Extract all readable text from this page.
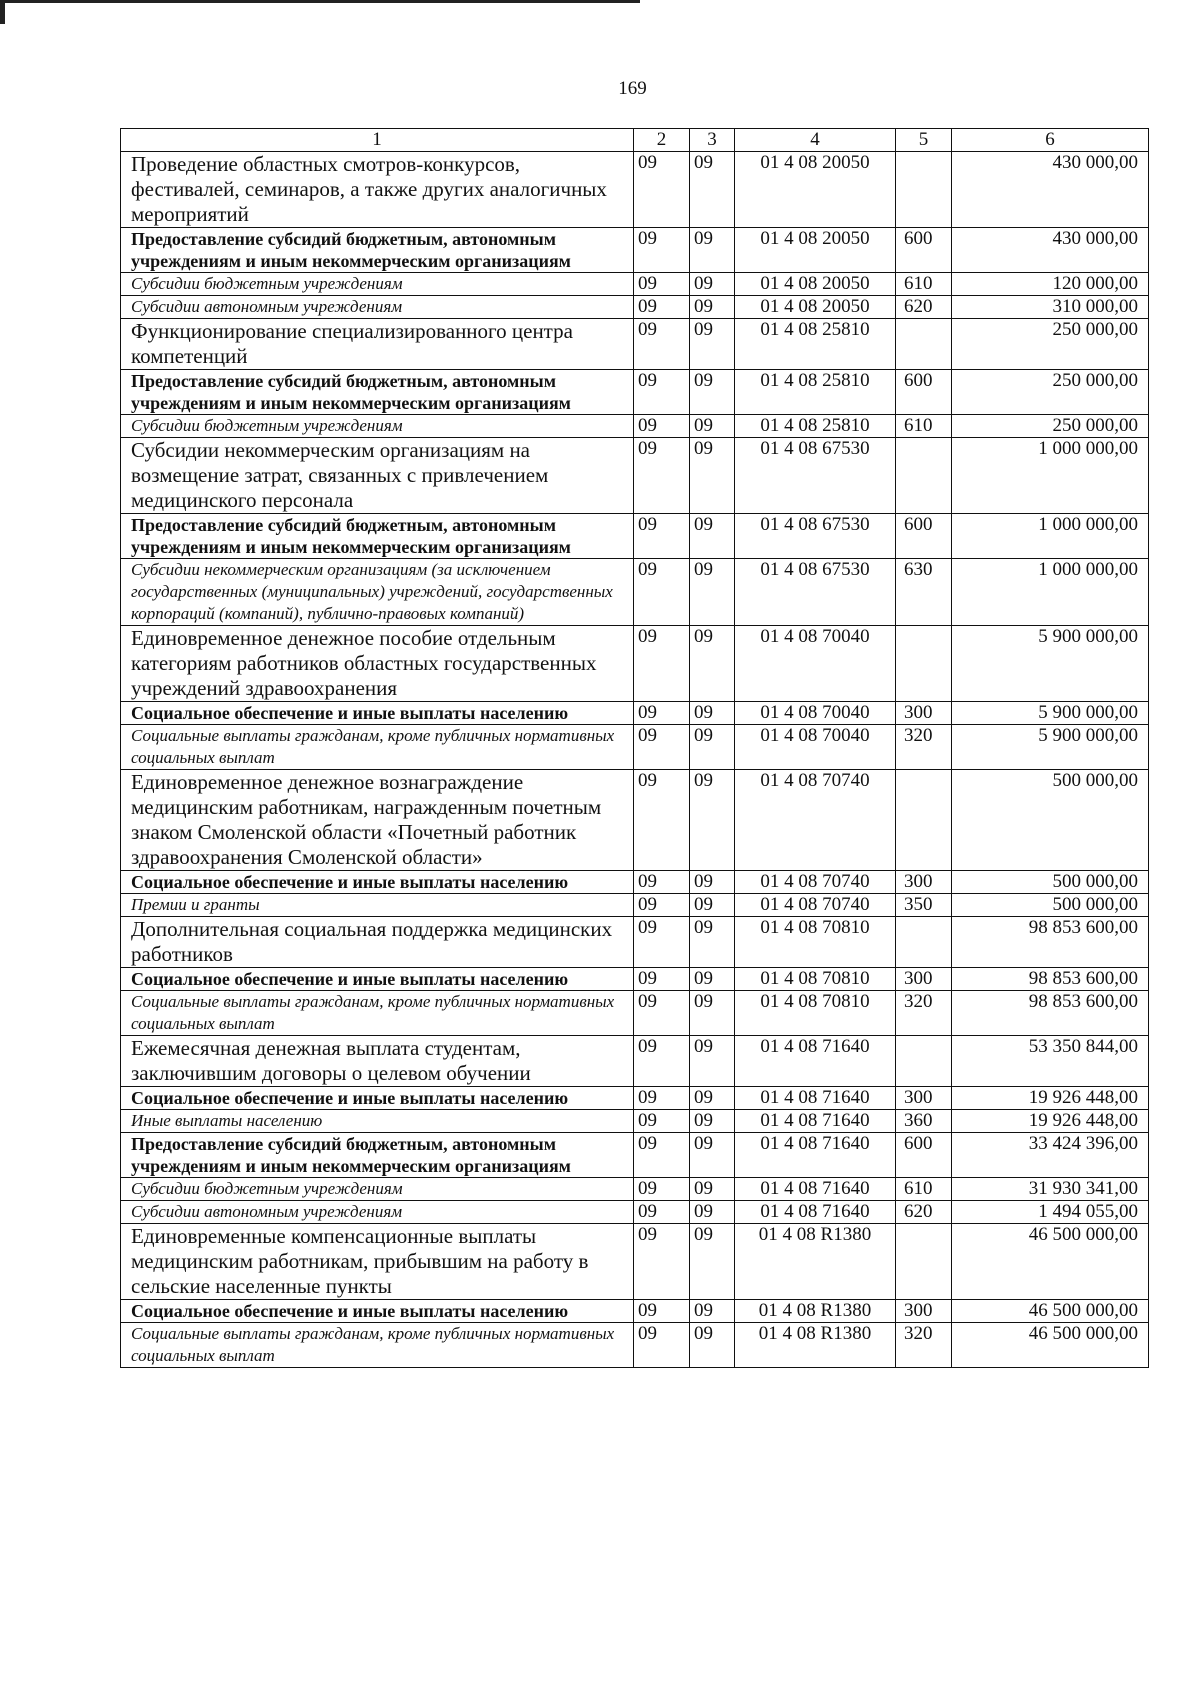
169
1	2	3	4	5	6
Проведение областных смотров-конкурсов, фестивалей, семинаров, а также других аналогичных мероприятий	09	09	01 4 08 20050		430 000,00
Предоставление субсидий бюджетным, автономным учреждениям и иным некоммерческим организациям	09	09	01 4 08 20050	600	430 000,00
Субсидии бюджетным учреждениям	09	09	01 4 08 20050	610	120 000,00
Субсидии автономным учреждениям	09	09	01 4 08 20050	620	310 000,00
Функционирование специализированного центра компетенций	09	09	01 4 08 25810		250 000,00
Предоставление субсидий бюджетным, автономным учреждениям и иным некоммерческим организациям	09	09	01 4 08 25810	600	250 000,00
Субсидии бюджетным учреждениям	09	09	01 4 08 25810	610	250 000,00
Субсидии некоммерческим организациям на возмещение затрат, связанных с привлечением медицинского персонала	09	09	01 4 08 67530		1 000 000,00
Предоставление субсидий бюджетным, автономным учреждениям и иным некоммерческим организациям	09	09	01 4 08 67530	600	1 000 000,00
Субсидии некоммерческим организациям (за исключением государственных (муниципальных) учреждений, государственных корпораций (компаний), публично-правовых компаний)	09	09	01 4 08 67530	630	1 000 000,00
Единовременное денежное пособие отдельным категориям работников областных государственных учреждений здравоохранения	09	09	01 4 08 70040		5 900 000,00
Социальное обеспечение и иные выплаты населению	09	09	01 4 08 70040	300	5 900 000,00
Социальные выплаты гражданам, кроме публичных нормативных социальных выплат	09	09	01 4 08 70040	320	5 900 000,00
Единовременное денежное вознаграждение медицинским работникам, награжденным почетным знаком Смоленской области «Почетный работник здравоохранения Смоленской области»	09	09	01 4 08 70740		500 000,00
Социальное обеспечение и иные выплаты населению	09	09	01 4 08 70740	300	500 000,00
Премии и гранты	09	09	01 4 08 70740	350	500 000,00
Дополнительная социальная поддержка медицинских работников	09	09	01 4 08 70810		98 853 600,00
Социальное обеспечение и иные выплаты населению	09	09	01 4 08 70810	300	98 853 600,00
Социальные выплаты гражданам, кроме публичных нормативных социальных выплат	09	09	01 4 08 70810	320	98 853 600,00
Ежемесячная денежная выплата студентам, заключившим договоры о целевом обучении	09	09	01 4 08 71640		53 350 844,00
Социальное обеспечение и иные выплаты населению	09	09	01 4 08 71640	300	19 926 448,00
Иные выплаты населению	09	09	01 4 08 71640	360	19 926 448,00
Предоставление субсидий бюджетным, автономным учреждениям и иным некоммерческим организациям	09	09	01 4 08 71640	600	33 424 396,00
Субсидии бюджетным учреждениям	09	09	01 4 08 71640	610	31 930 341,00
Субсидии автономным учреждениям	09	09	01 4 08 71640	620	1 494 055,00
Единовременные компенсационные выплаты медицинским работникам, прибывшим на работу в сельские населенные пункты	09	09	01 4 08 R1380		46 500 000,00
Социальное обеспечение и иные выплаты населению	09	09	01 4 08 R1380	300	46 500 000,00
Социальные выплаты гражданам, кроме публичных нормативных социальных выплат	09	09	01 4 08 R1380	320	46 500 000,00
